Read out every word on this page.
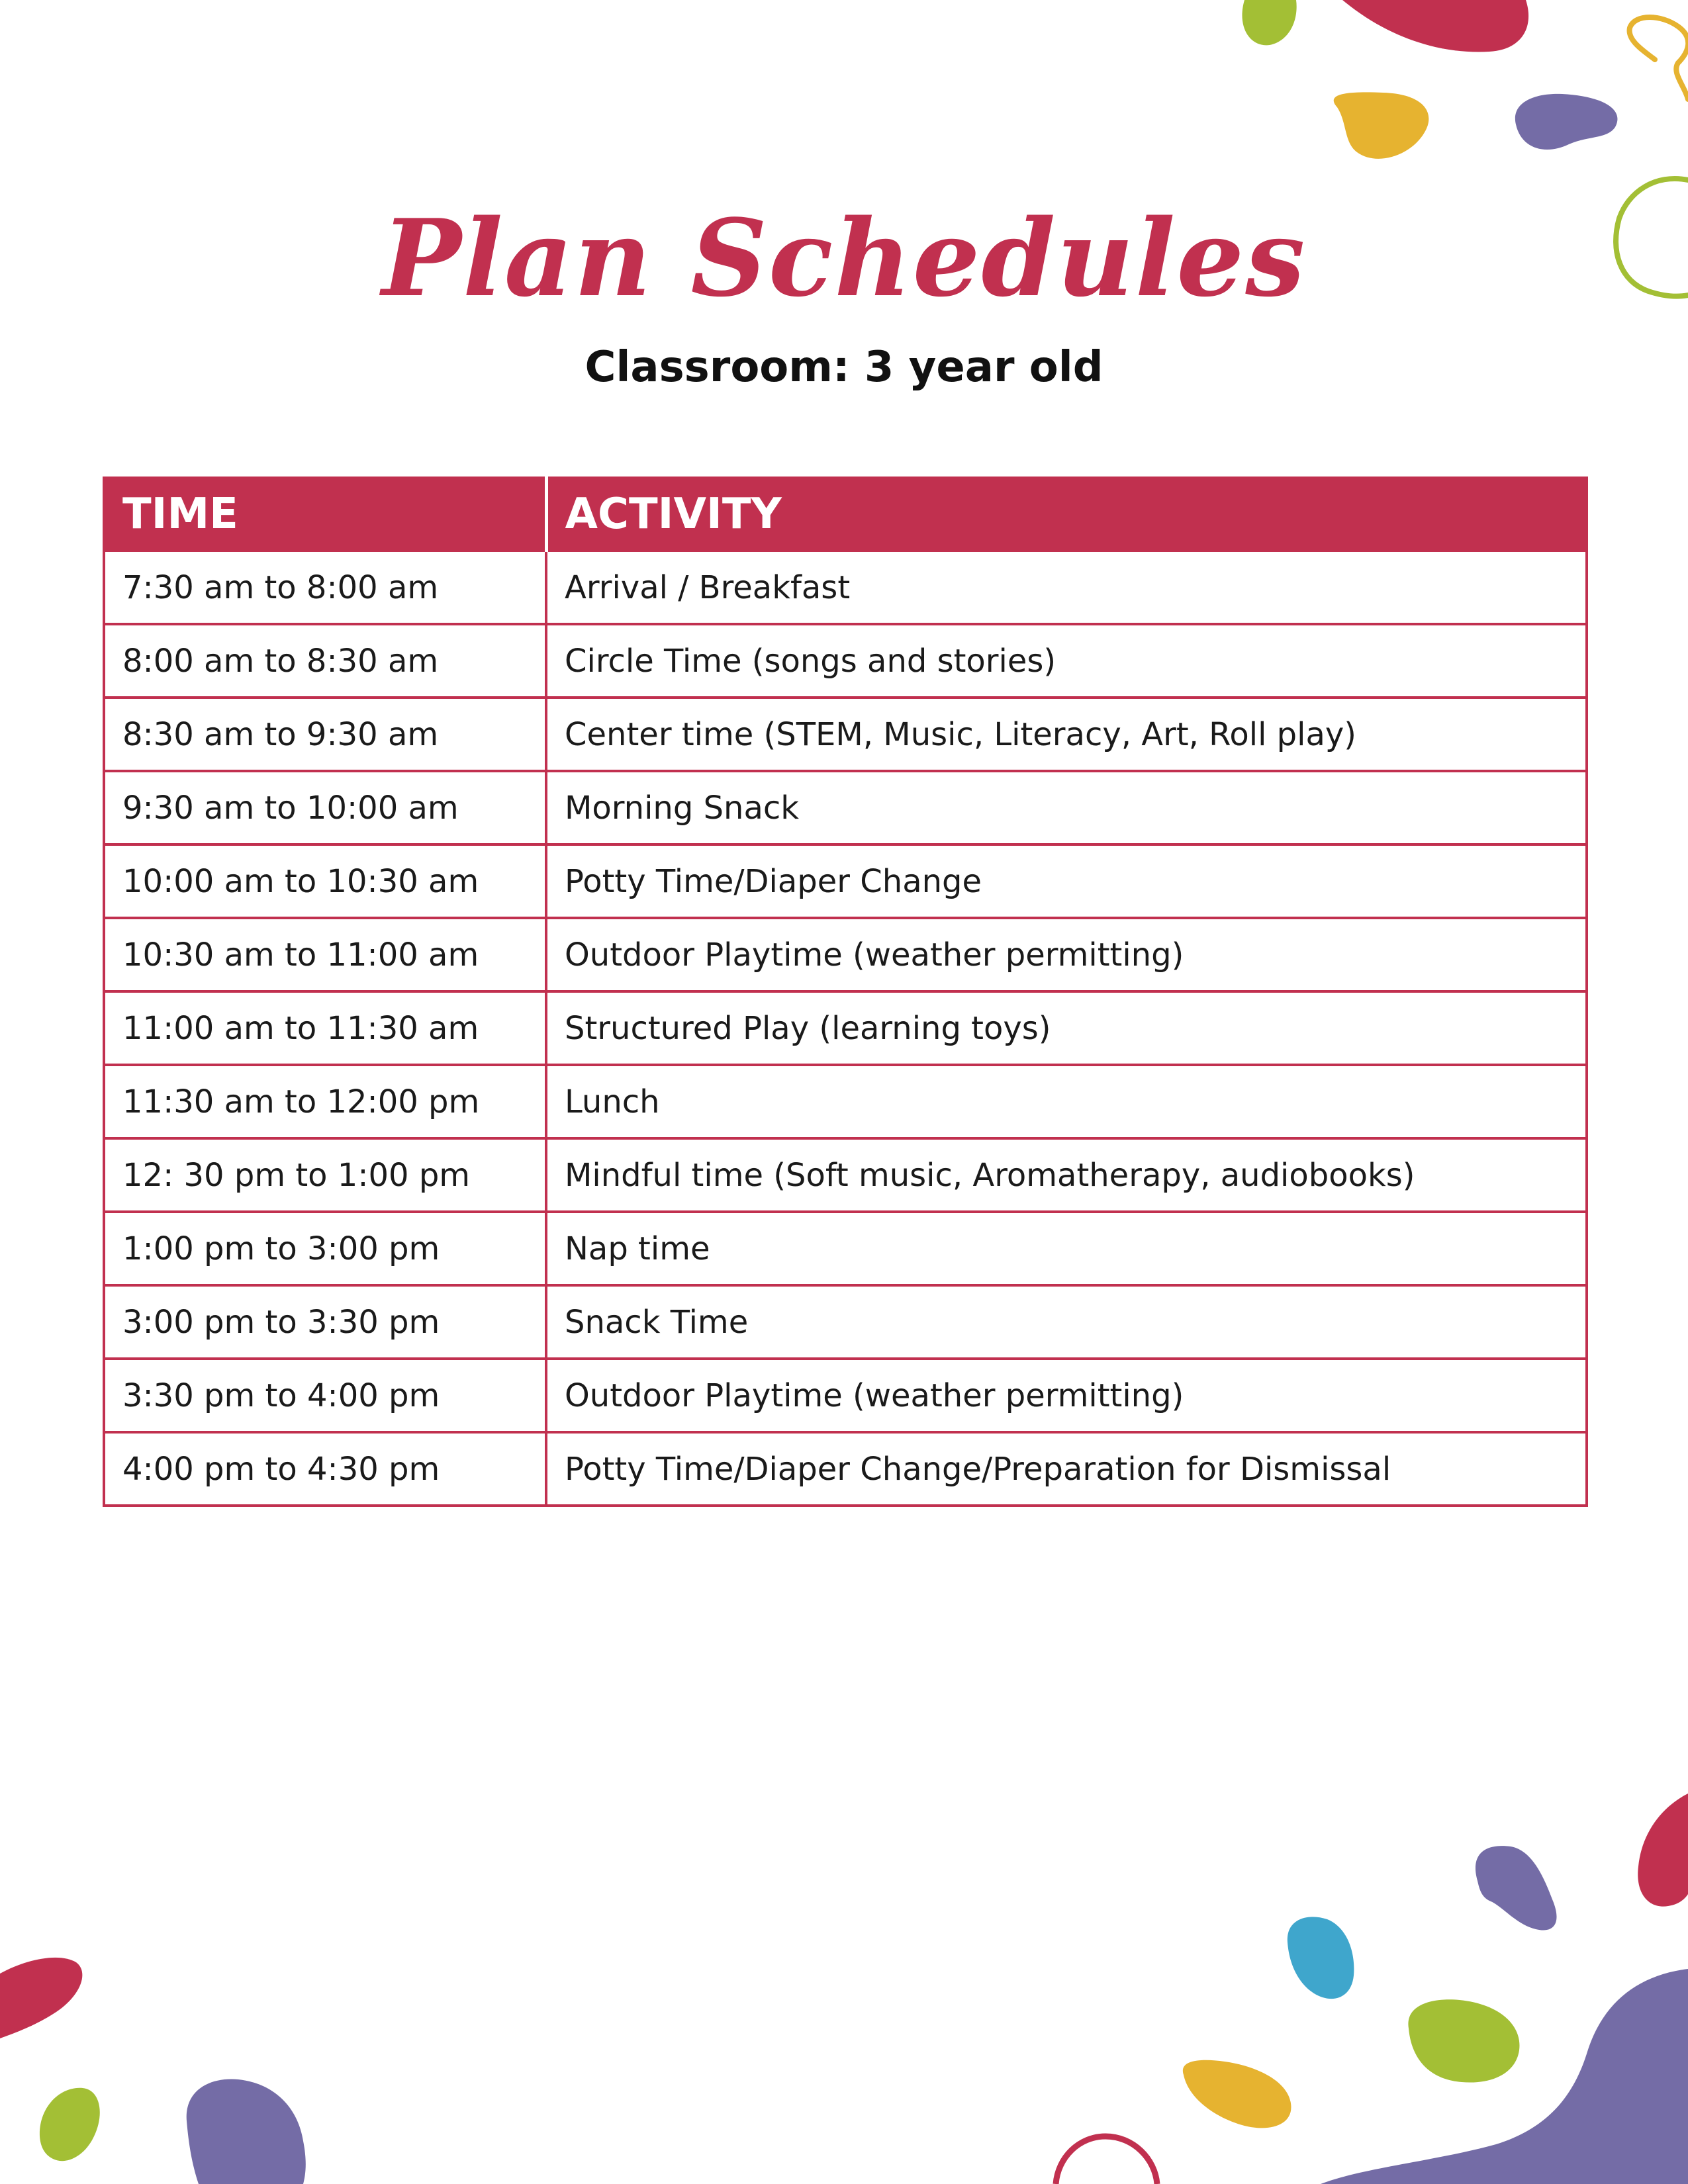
Plan Schedules
Classroom: 3 year old
TIME	ACTIVITY
7:30 am to 8:00 am	Arrival / Breakfast
8:00 am to 8:30 am	Circle Time (songs and stories)
8:30 am to 9:30 am	Center time (STEM, Music, Literacy, Art, Roll play)
9:30 am to 10:00 am	Morning Snack
10:00 am to 10:30 am	Potty Time/Diaper Change
10:30 am to 11:00 am	Outdoor Playtime (weather permitting)
11:00 am to 11:30 am	Structured Play (learning toys)
11:30 am to 12:00 pm	Lunch
12: 30 pm to 1:00 pm	Mindful time (Soft music, Aromatherapy, audiobooks)
1:00 pm to 3:00 pm	Nap time
3:00 pm to 3:30 pm	Snack Time
3:30 pm to 4:00 pm	Outdoor Playtime (weather permitting)
4:00 pm to 4:30 pm	Potty Time/Diaper Change/Preparation for Dismissal
